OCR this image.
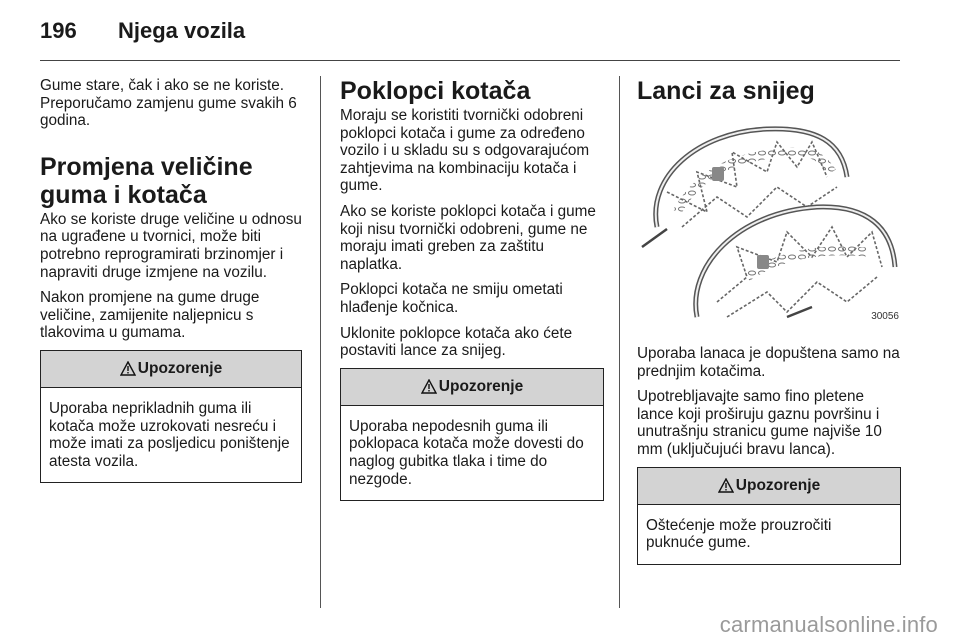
196 Njega vozila

Gume stare, čak i ako se ne koriste. Preporučamo zamjenu gume svakih 6 godina.

Promjena veličine guma i kotača

Ako se koriste druge veličine u odnosu na ugrađene u tvornici, može biti potrebno reprogramirati brzinomjer i napraviti druge izmjene na vozilu.

Nakon promjene na gume druge veličine, zamijenite naljepnicu s tlakovima u gumama.

Upozorenje

Uporaba neprikladnih guma ili kotača može uzrokovati nesreću i može imati za posljedicu poništenje atesta vozila.

Poklopci kotača

Moraju se koristiti tvornički odobreni poklopci kotača i gume za određeno vozilo i u skladu su s odgovarajućom zahtjevima na kombinaciju kotača i gume.

Ako se koriste poklopci kotača i gume koji nisu tvornički odobreni, gume ne moraju imati greben za zaštitu naplatka.

Poklopci kotača ne smiju ometati hlađenje kočnica.

Uklonite poklopce kotača ako ćete postaviti lance za snijeg.

Upozorenje

Uporaba nepodesnih guma ili poklopaca kotača može dovesti do naglog gubitka tlaka i time do nezgode.

Lanci za snijeg
30056

Uporaba lanaca je dopuštena samo na prednjim kotačima.

Upotrebljavajte samo fino pletene lance koji proširuju gaznu površinu i unutrašnju stranicu gume najviše 10 mm (uključujući bravu lanca).

Upozorenje

Oštećenje može prouzročiti puknuće gume.

carmanualsonline.info
